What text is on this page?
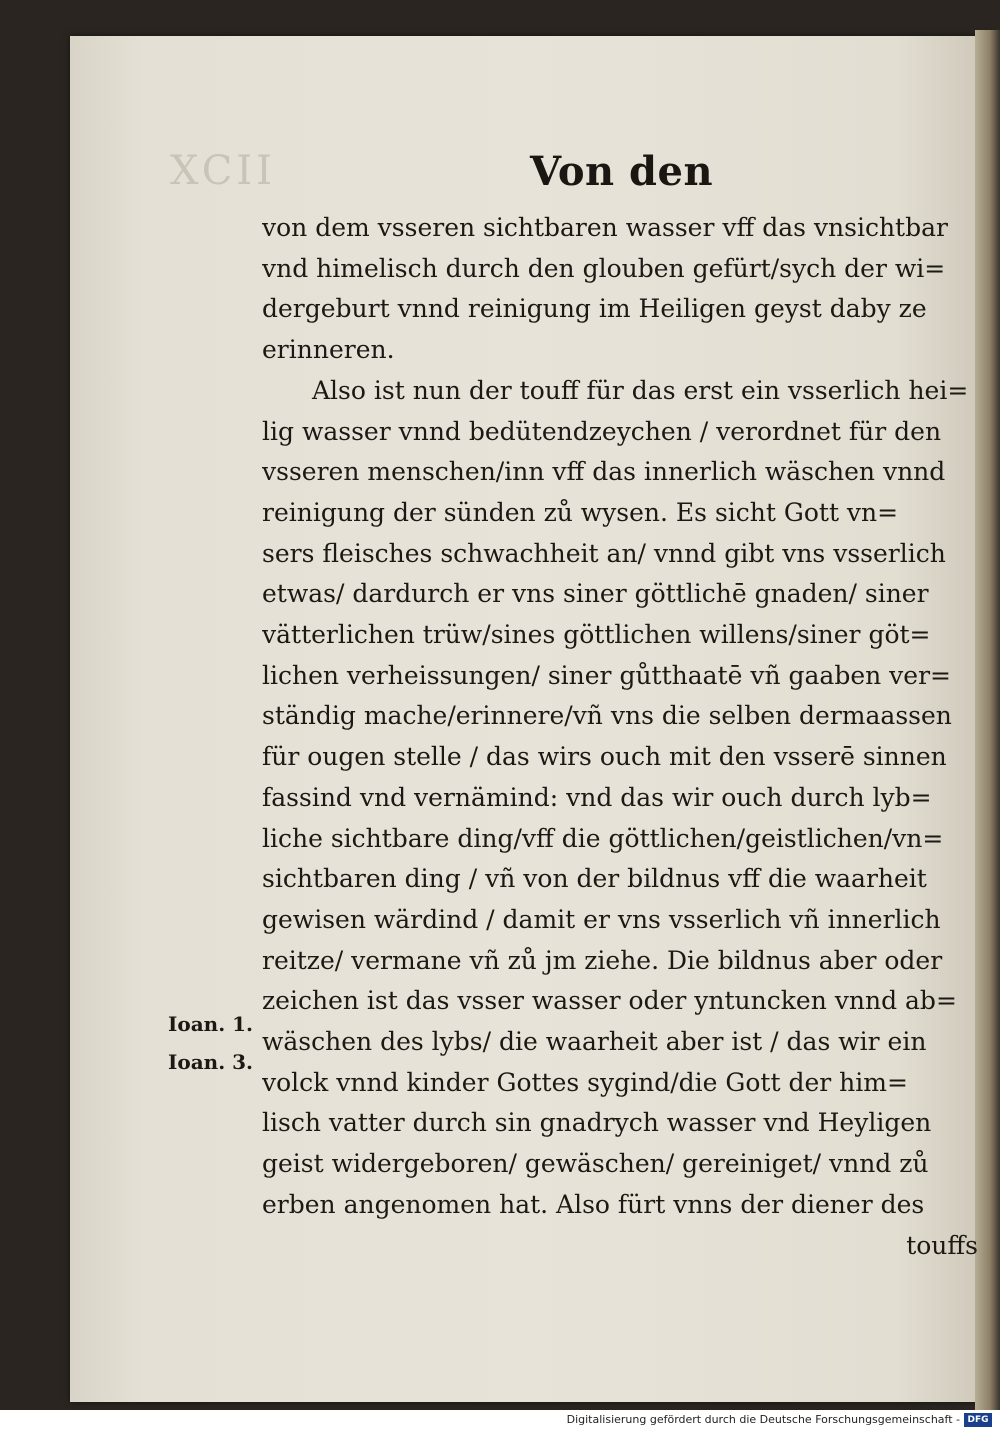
XCII	Von den
von dem vsseren sichtbaren wasser vff das vnsichtbar
vnd himelisch durch den glouben gefürt/sych der wi=
dergeburt vnnd reinigung im Heiligen geyst daby ze
erinneren.
Also ist nun der touff für das erst ein vsserlich hei=
lig wasser vnnd bedütendzeychen / verordnet für den
vsseren menschen/inn vff das innerlich wäschen vnnd
reinigung der sünden zů wysen. Es sicht Gott vn=
sers fleisches schwachheit an/ vnnd gibt vns vsserlich
etwas/ dardurch er vns siner göttlichē gnaden/ siner
vätterlichen trüw/sines göttlichen willens/siner göt=
lichen verheissungen/ siner gůtthaatē vñ gaaben ver=
ständig mache/erinnere/vñ vns die selben dermaassen
für ougen stelle / das wirs ouch mit den vsserē sinnen
fassind vnd vernämind: vnd das wir ouch durch lyb=
liche sichtbare ding/vff die göttlichen/geistlichen/vn=
sichtbaren ding / vñ von der bildnus vff die waarheit
gewisen wärdind / damit er vns vsserlich vñ innerlich
reitze/ vermane vñ zů jm ziehe. Die bildnus aber oder
zeichen ist das vsser wasser oder yntuncken vnnd ab=
wäschen des lybs/ die waarheit aber ist / das wir ein
volck vnnd kinder Gottes sygind/die Gott der him=
lisch vatter durch sin gnadrych wasser vnd Heyligen
geist widergeboren/ gewäschen/ gereiniget/ vnnd zů
erben angenomen hat. Also fürt vnns der diener des
touffs
Ioan. 1.
Ioan. 3.
Digitalisierung gefördert durch die Deutsche Forschungsgemeinschaft - DFG
